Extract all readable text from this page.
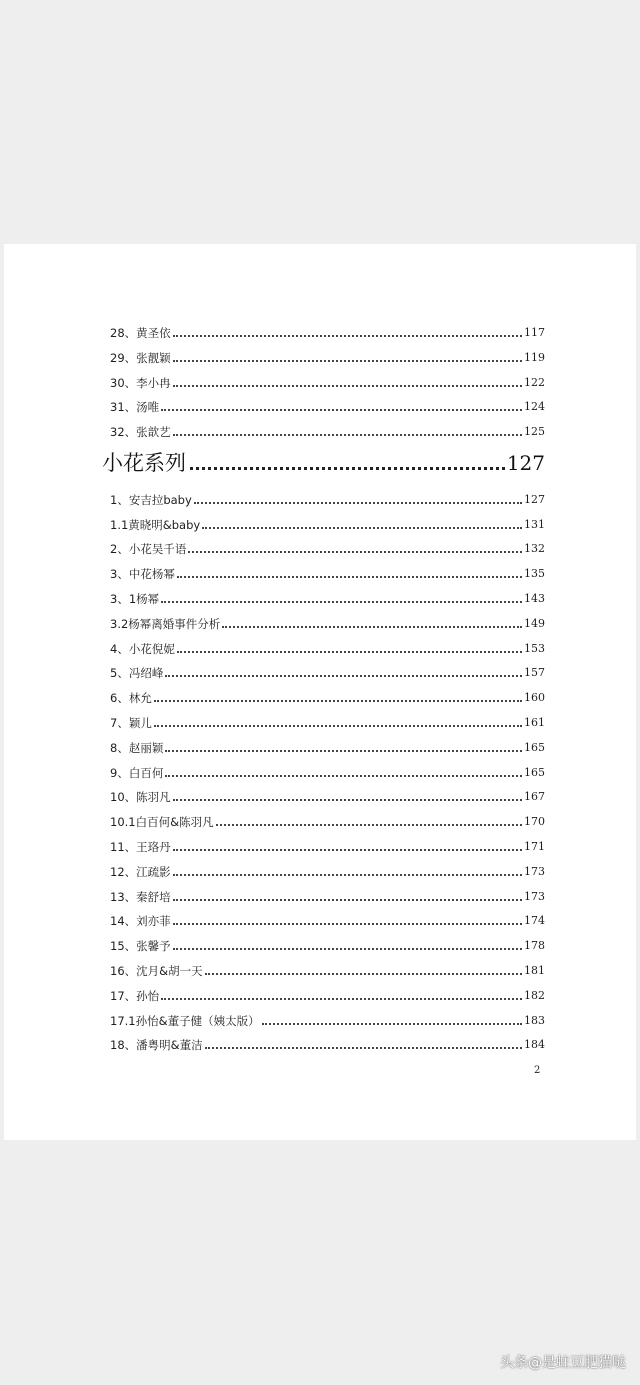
28、黄圣依	117
29、张靓颖	119
30、李小冉	122
31、汤唯	124
32、张歆艺	125
小花系列	127
1、安吉拉baby	127
1.1黄晓明&baby	131
2、小花吴千语	132
3、中花杨幂	135
3、1杨幂	143
3.2杨幂离婚事件分析	149
4、小花倪妮	153
5、冯绍峰	157
6、林允	160
7、颖儿	161
8、赵丽颖	165
9、白百何	165
10、陈羽凡	167
10.1白百何&陈羽凡	170
11、王珞丹	171
12、江疏影	173
13、秦舒培	173
14、刘亦菲	174
15、张馨予	178
16、沈月&胡一天	181
17、孙怡	182
17.1孙怡&董子健（姨太版）	183
18、潘粤明&董洁	184
2
头条@是蛀豆肥猫哒
